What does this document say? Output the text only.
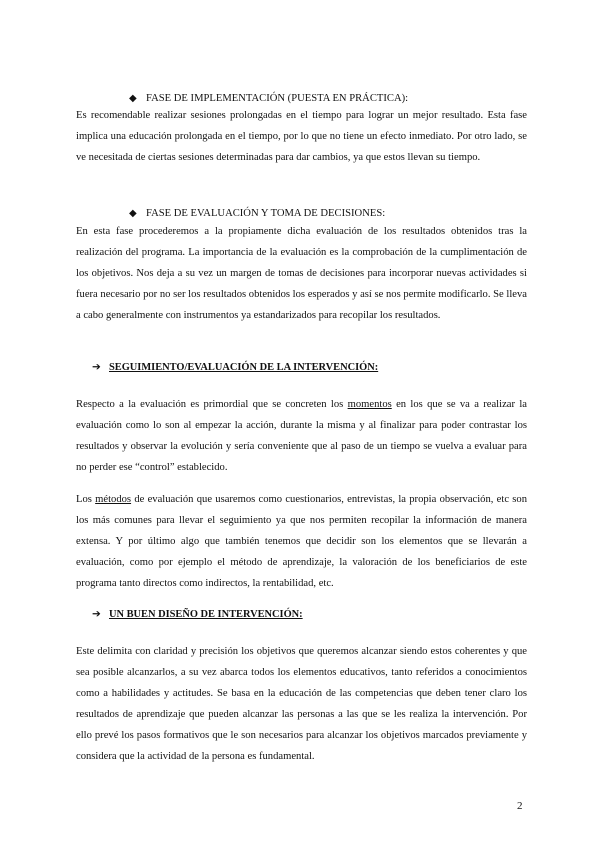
◆ FASE DE IMPLEMENTACIÓN (PUESTA EN PRÁCTICA):

Es recomendable realizar sesiones prolongadas en el tiempo para lograr un mejor resultado. Esta fase implica una educación prolongada en el tiempo, por lo que no tiene un efecto inmediato. Por otro lado, se ve necesitada de ciertas sesiones determinadas para dar cambios, ya que estos llevan su tiempo.

◆ FASE DE EVALUACIÓN Y TOMA DE DECISIONES:

En esta fase procederemos a la propiamente dicha evaluación de los resultados obtenidos tras la realización del programa. La importancia de la evaluación es la comprobación de la cumplimentación de los objetivos. Nos deja a su vez un margen de tomas de decisiones para incorporar nuevas actividades si fuera necesario por no ser los resultados obtenidos los esperados y así se nos permite modificarlo. Se lleva a cabo generalmente con instrumentos ya estandarizados para recopilar los resultados.

➔ SEGUIMIENTO/EVALUACIÓN DE LA INTERVENCIÓN:

Respecto a la evaluación es primordial que se concreten los momentos en los que se va a realizar la evaluación como lo son al empezar la acción, durante la misma y al finalizar para poder contrastar los resultados y observar la evolución y sería conveniente que al paso de un tiempo se vuelva a evaluar para no perder ese “control” establecido.

Los métodos de evaluación que usaremos como cuestionarios, entrevistas, la propia observación, etc son los más comunes para llevar el seguimiento ya que nos permiten recopilar la información de manera extensa. Y por último algo que también tenemos que decidir son los elementos que se llevarán a evaluación, como por ejemplo el método de aprendizaje, la valoración de los beneficiarios de este programa tanto directos como indirectos, la rentabilidad, etc.

➔ UN BUEN DISEÑO DE INTERVENCIÓN:

Este delimita con claridad y precisión los objetivos que queremos alcanzar siendo estos coherentes y que sea posible alcanzarlos, a su vez abarca todos los elementos educativos, tanto referidos a conocimientos como a habilidades y actitudes. Se basa en la educación de las competencias que deben tener claro los resultados de aprendizaje que pueden alcanzar las personas a las que se les realiza la intervención. Por ello prevé los pasos formativos que le son necesarios para alcanzar los objetivos marcados previamente y considera que la actividad de la persona es fundamental.

2
